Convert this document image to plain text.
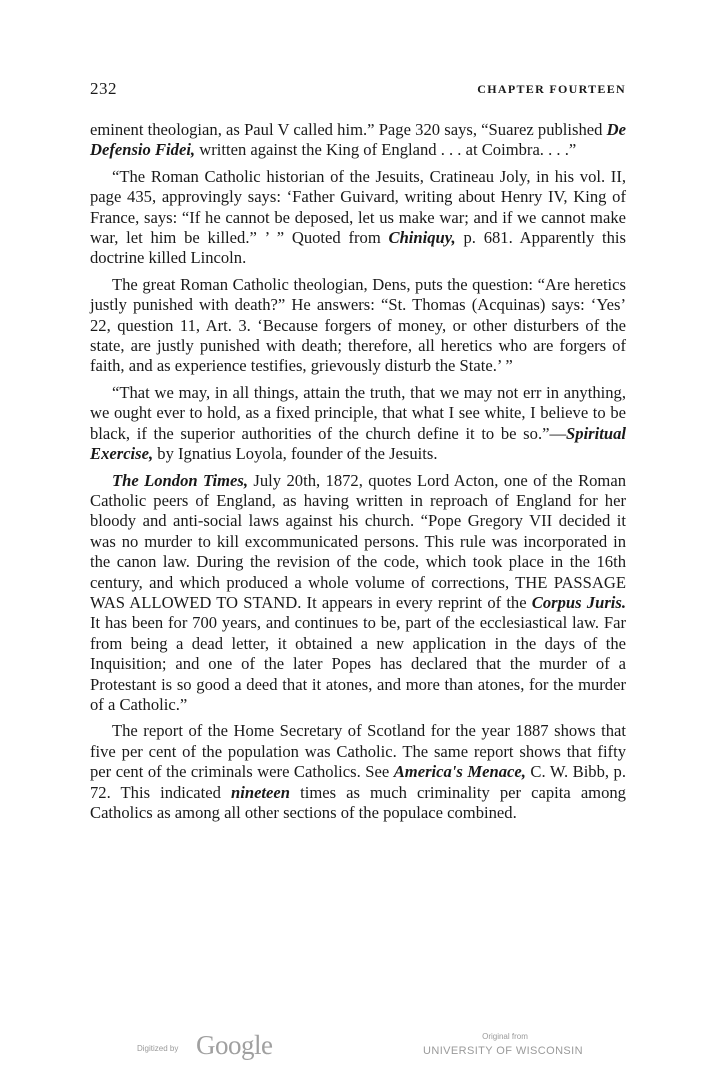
232	CHAPTER FOURTEEN

eminent theologian, as Paul V called him.” Page 320 says, “Suarez published De Defensio Fidei, written against the King of England . . . at Coimbra. . . .”

“The Roman Catholic historian of the Jesuits, Cratineau Joly, in his vol. II, page 435, approvingly says: ‘Father Guivard, writing about Henry IV, King of France, says: “If he cannot be deposed, let us make war; and if we cannot make war, let him be killed.” ’ ” Quoted from Chiniquy, p. 681. Apparently this doctrine killed Lincoln.

The great Roman Catholic theologian, Dens, puts the question: “Are heretics justly punished with death?” He answers: “St. Thomas (Acquinas) says: ‘Yes’ 22, question 11, Art. 3. ‘Because forgers of money, or other disturbers of the state, are justly punished with death; therefore, all heretics who are forgers of faith, and as experience testifies, grievously disturb the State.’ ”

“That we may, in all things, attain the truth, that we may not err in anything, we ought ever to hold, as a fixed principle, that what I see white, I believe to be black, if the superior authorities of the church define it to be so.”—Spiritual Exercise, by Ignatius Loyola, founder of the Jesuits.

The London Times, July 20th, 1872, quotes Lord Acton, one of the Roman Catholic peers of England, as having written in reproach of England for her bloody and anti-social laws against his church. “Pope Gregory VII decided it was no murder to kill excommunicated persons. This rule was incorporated in the canon law. During the revision of the code, which took place in the 16th century, and which produced a whole volume of corrections, THE PASSAGE WAS ALLOWED TO STAND. It appears in every reprint of the Corpus Juris. It has been for 700 years, and continues to be, part of the ecclesiastical law. Far from being a dead letter, it obtained a new application in the days of the Inquisition; and one of the later Popes has declared that the murder of a Protestant is so good a deed that it atones, and more than atones, for the murder of a Catholic.”

The report of the Home Secretary of Scotland for the year 1887 shows that five per cent of the population was Catholic. The same report shows that fifty per cent of the criminals were Catholics. See America's Menace, C. W. Bibb, p. 72. This indicated nineteen times as much criminality per capita among Catholics as among all other sections of the populace combined.

Digitized by Google	Original from
UNIVERSITY OF WISCONSIN
